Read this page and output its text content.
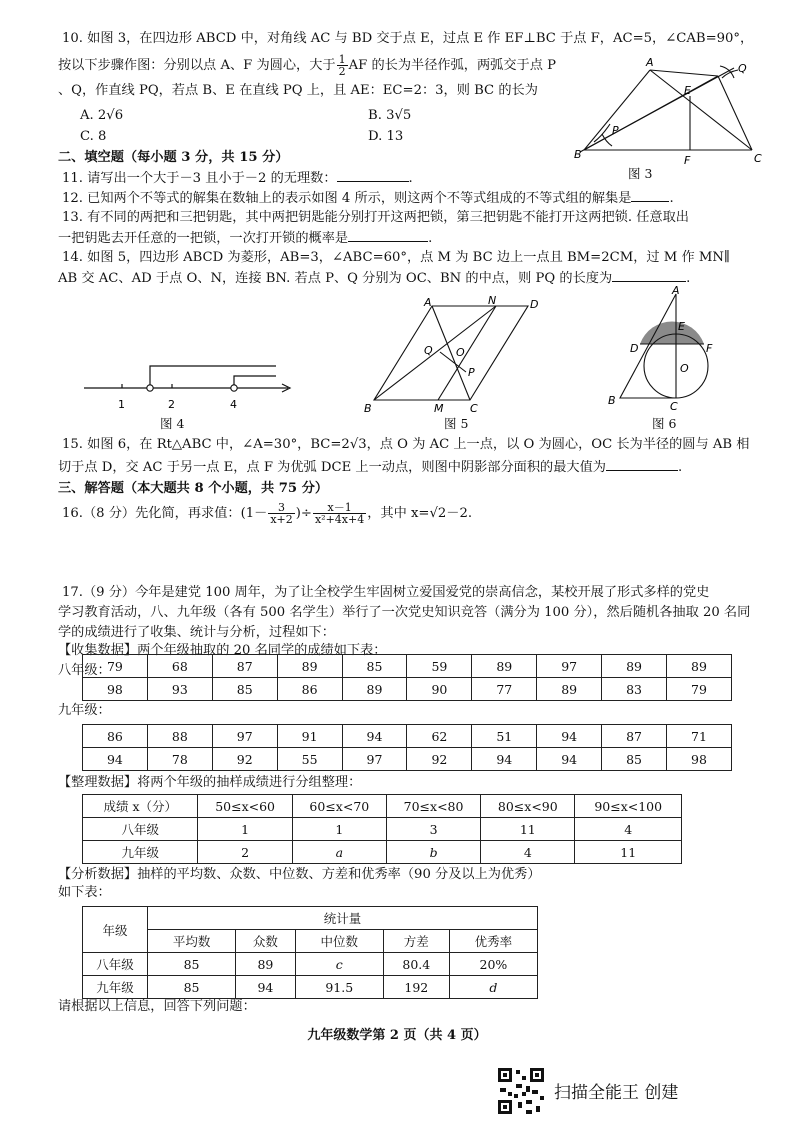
10. 如图 3，在四边形 ABCD 中，对角线 AC 与 BD 交于点 E，过点 E 作 EF⊥BC 于点 F，AC=5，∠CAB=90°，
按以下步骤作图：分别以点 A、F 为圆心，大于 $\frac{1}{2}$ AF 的长为半径作弧，两弧交于点 P
、Q，作直线 PQ，若点 B、E 在直线 PQ 上，且 AE：EC=2：3，则 BC 的长为
A. 2√6	B. 3√5
C. 8	D. 13
A
B	C
E
F
P
Q
图 3
二、填空题（每小题 3 分，共 15 分）
11. 请写出一个大于－3 且小于－2 的无理数：	.
12. 已知两个不等式的解集在数轴上的表示如图 4 所示，则这两个不等式组成的不等式组的解集是	.
13. 有不同的两把和三把钥匙，其中两把钥匙能分别打开这两把锁，第三把钥匙不能打开这两把锁. 任意取出
一把钥匙去开任意的一把锁，一次打开锁的概率是	.
14. 如图 5，四边形 ABCD 为菱形，AB=3，∠ABC=60°，点 M 为 BC 边上一点且 BM=2CM，过 M 作 MN∥
AB 交 AC、AD 于点 O、N，连接 BN. 若点 P、Q 分别为 OC、BN 的中点，则 PQ 的长度为	.
1	2	4
图 4
A	N	D
Q O
P
B	M C
图 5
A
E
D	F
O
B	C
图 6
15. 如图 6，在 Rt△ABC 中，∠A=30°，BC=2√3，点 O 为 AC 上一点，以 O 为圆心，OC 长为半径的圆与 AB 相
切于点 D，交 AC 于另一点 E，点 F 为优弧 DCE 上一动点，则图中阴影部分面积的最大值为	.
三、解答题（本大题共 8 个小题，共 75 分）
16.（8 分）先化简，再求值：($1- \frac{3}{x+2}$ )÷ $\frac{x-1}{\text{x²+4x+4}}$ ，其中 x=√2－2.
17.（9 分）今年是建党 100 周年，为了让全校学生牢固树立爱国爱党的崇高信念，某校开展了形式多样的党史
学习教育活动，八、九年级（各有 500 名学生）举行了一次党史知识竞答（满分为 100 分），然后随机各抽取 20 名同
学的成绩进行了收集、统计与分析，过程如下：
【收集数据】两个年级抽取的 20 名同学的成绩如下表：
八年级：
79	68	87	89	85	59	89	97	89	89
98	93	85	86	89	90	77	89	83	79
九年级：
86	88	97	91	94	62	51	94	87	71
94	78	92	55	97	92	94	94	85	98
【整理数据】将两个年级的抽样成绩进行分组整理：
成绩 x（分）	50≤x<60	60≤x<70	70≤x<80	80≤x<90	90≤x<100
八年级	1	1	3	11	4
九年级	2	a	b	4	11
【分析数据】抽样的平均数、众数、中位数、方差和优秀率（90 分及以上为优秀）
如下表：
年级	统计量				
	平均数	众数	中位数	方差	优秀率
八年级	85	89	c	80.4	20%
九年级	85	94	91.5	192	d
请根据以上信息，回答下列问题：
九年级数学第 2 页（共 4 页）
扫描全能王 创建
